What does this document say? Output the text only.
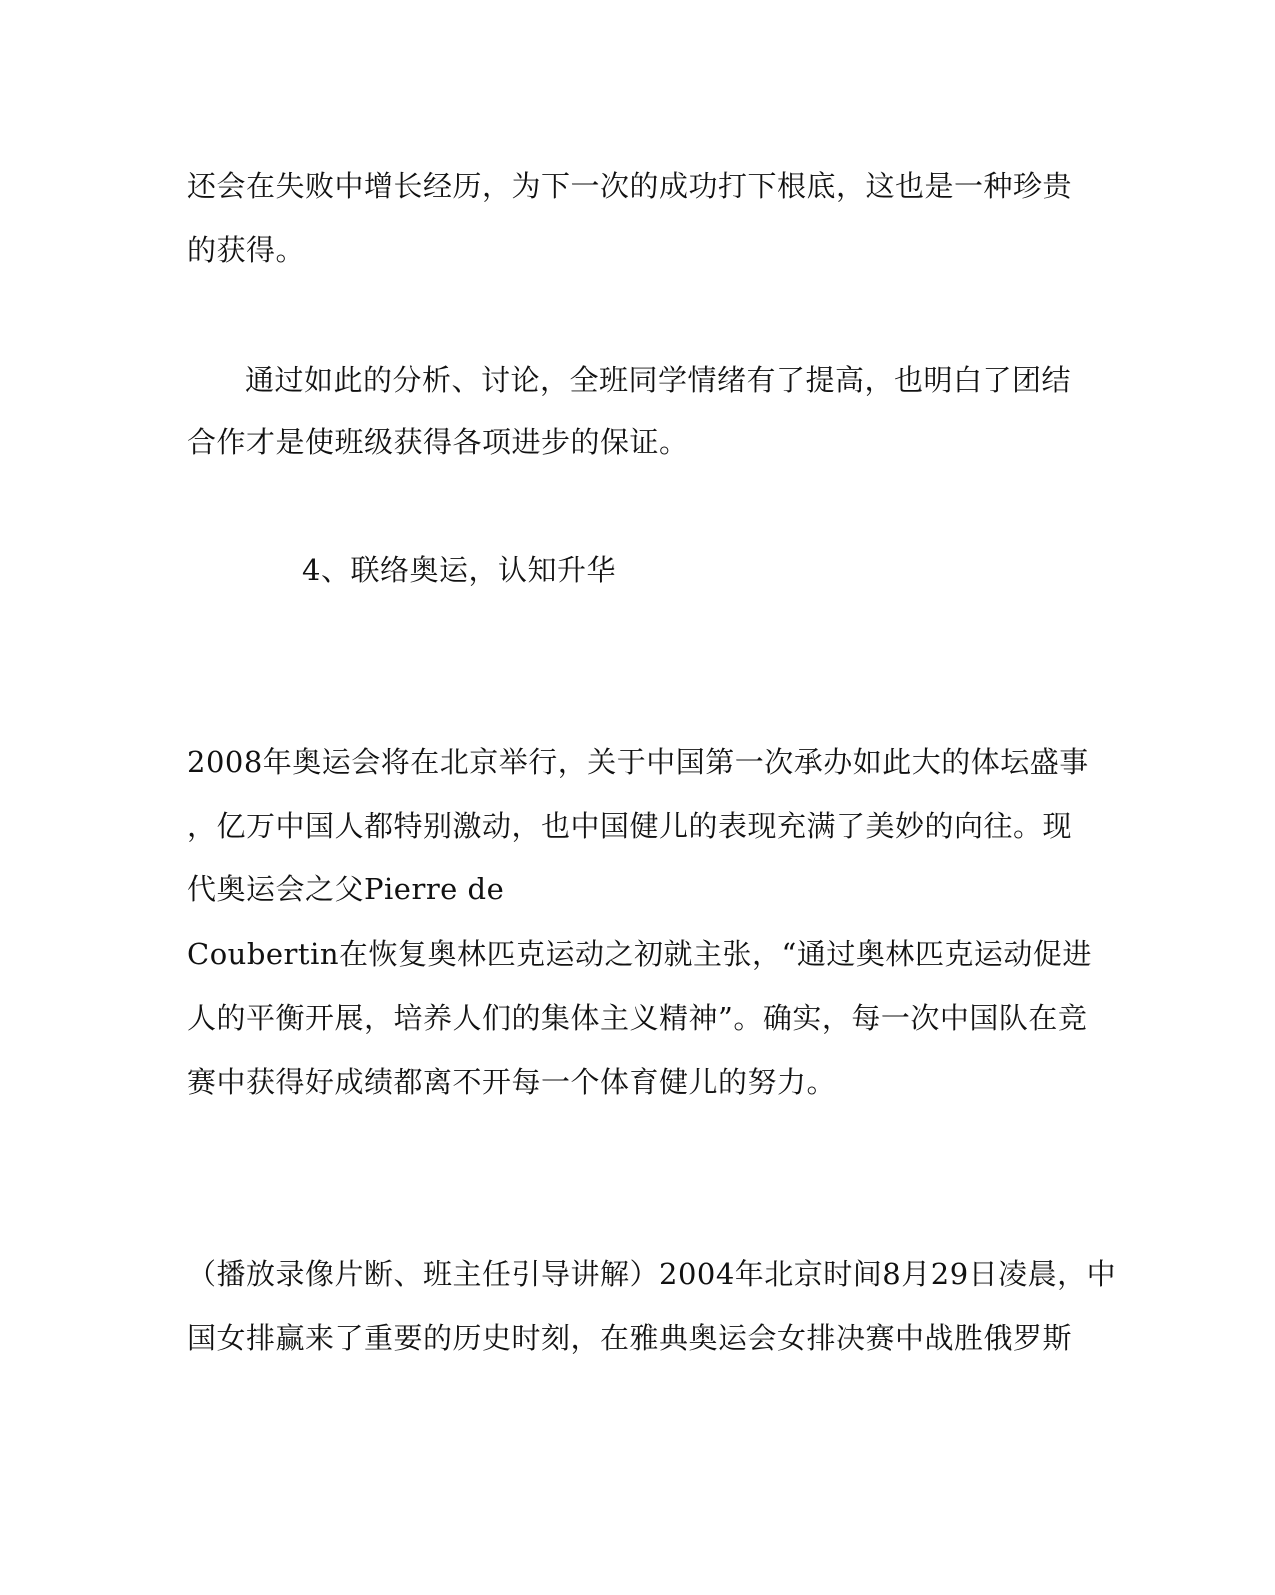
还会在失败中增长经历，为下一次的成功打下根底，这也是一种珍贵
的获得。
通过如此的分析、讨论，全班同学情绪有了提高，也明白了团结
合作才是使班级获得各项进步的保证。
4、联络奥运，认知升华
2008年奥运会将在北京举行，关于中国第一次承办如此大的体坛盛事
，亿万中国人都特别激动，也中国健儿的表现充满了美妙的向往。现
代奥运会之父Pierre de
Coubertin在恢复奥林匹克运动之初就主张，“通过奥林匹克运动促进
人的平衡开展，培养人们的集体主义精神”。确实，每一次中国队在竞
赛中获得好成绩都离不开每一个体育健儿的努力。
（播放录像片断、班主任引导讲解）2004年北京时间8月29日凌晨，中
国女排赢来了重要的历史时刻，在雅典奥运会女排决赛中战胜俄罗斯
